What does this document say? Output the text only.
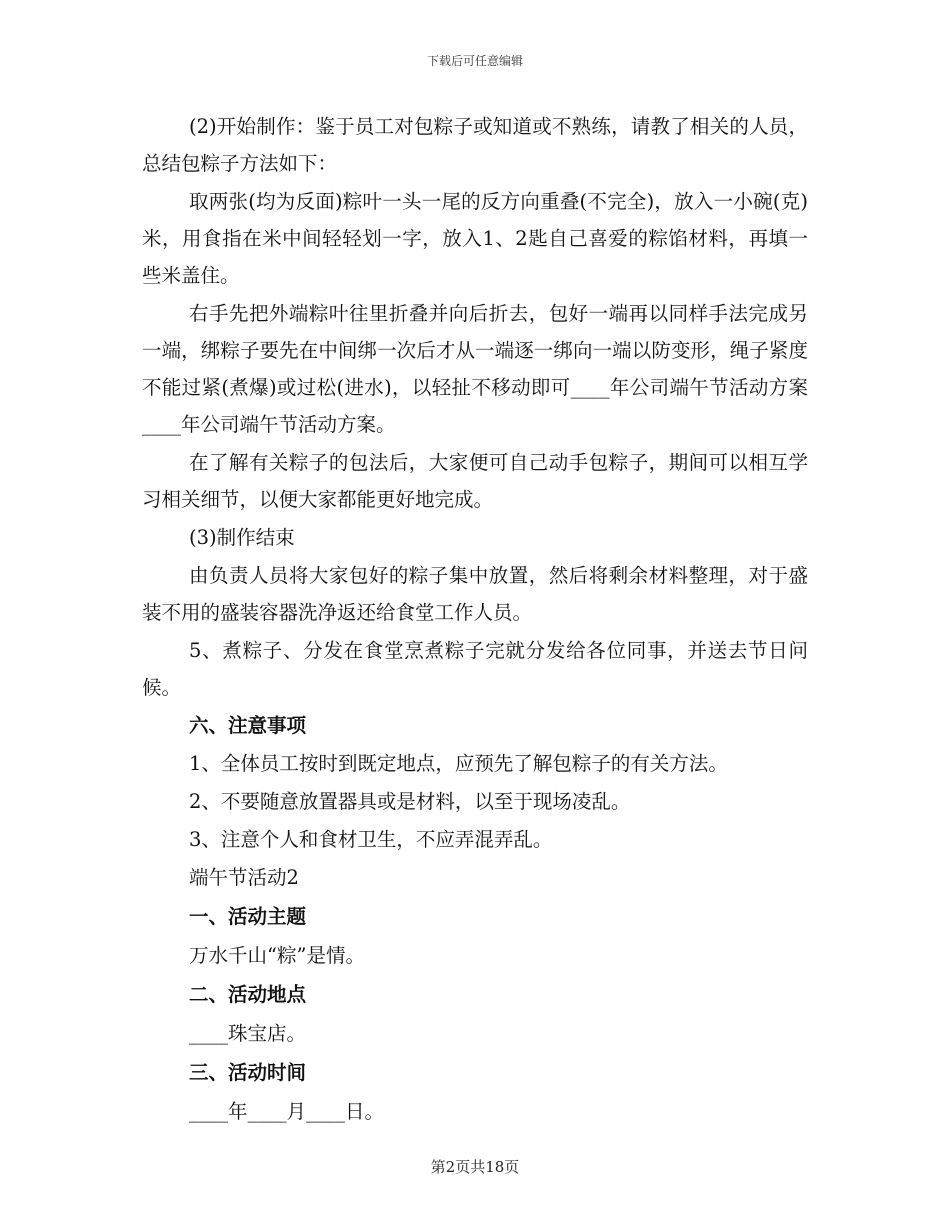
下载后可任意编辑

(2)开始制作：鉴于员工对包粽子或知道或不熟练，请教了相关的人员，总结包粽子方法如下：

取两张(均为反面)粽叶一头一尾的反方向重叠(不完全)，放入一小碗(克)米，用食指在米中间轻轻划一字，放入1、2匙自己喜爱的粽馅材料，再填一些米盖住。

右手先把外端粽叶往里折叠并向后折去，包好一端再以同样手法完成另一端，绑粽子要先在中间绑一次后才从一端逐一绑向一端以防变形，绳子紧度不能过紧(煮爆)或过松(进水)，以轻扯不移动即可____年公司端午节活动方案____年公司端午节活动方案。

在了解有关粽子的包法后，大家便可自己动手包粽子，期间可以相互学习相关细节，以便大家都能更好地完成。

(3)制作结束

由负责人员将大家包好的粽子集中放置，然后将剩余材料整理，对于盛装不用的盛装容器洗净返还给食堂工作人员。

5、煮粽子、分发在食堂烹煮粽子完就分发给各位同事，并送去节日问候。

六、注意事项

1、全体员工按时到既定地点，应预先了解包粽子的有关方法。

2、不要随意放置器具或是材料，以至于现场凌乱。

3、注意个人和食材卫生，不应弄混弄乱。

端午节活动2

一、活动主题

万水千山“粽”是情。

二、活动地点

____珠宝店。

三、活动时间

____年____月____日。

第2页共18页
